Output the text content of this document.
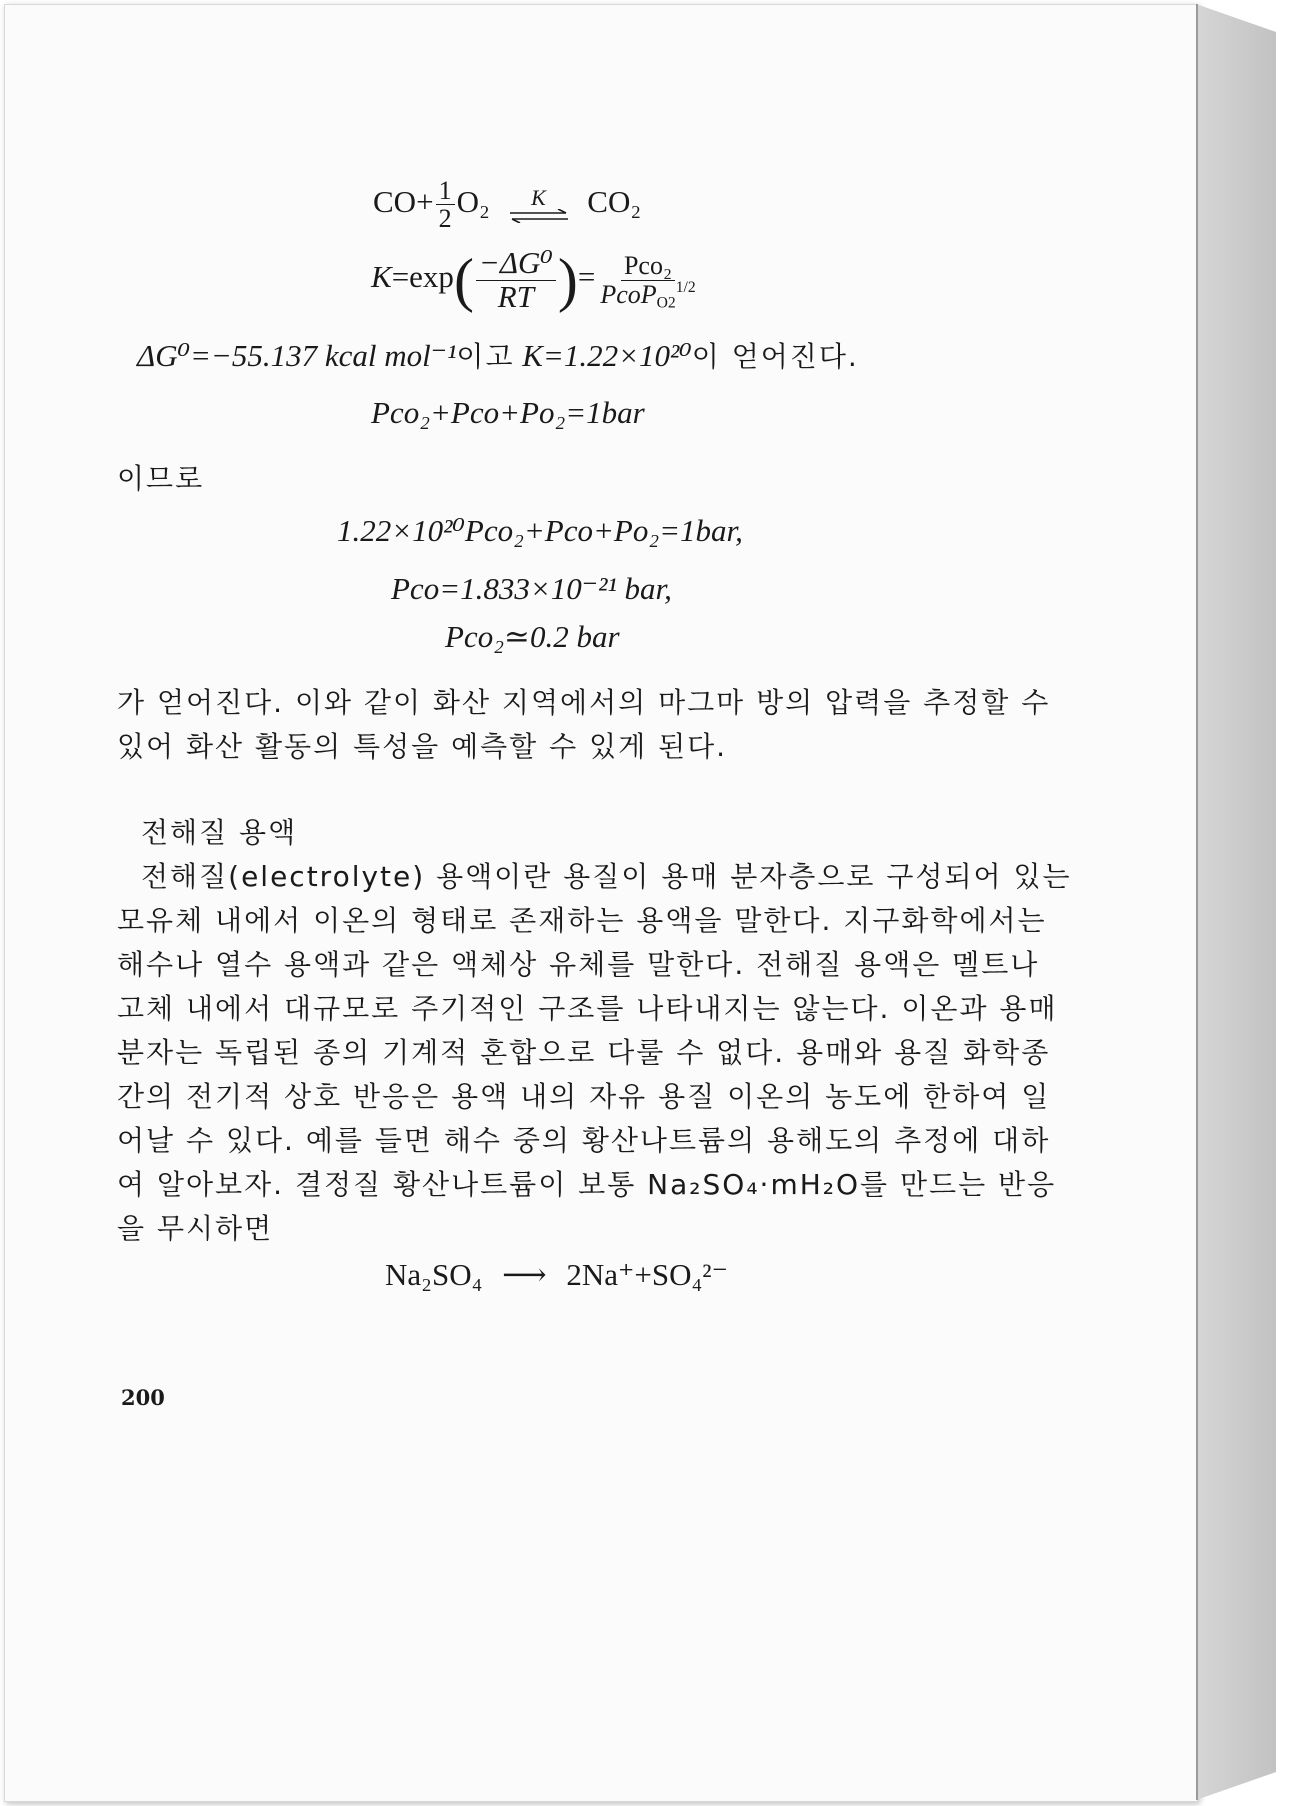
$CO+ \frac{1}{2} O_2$ K CO₂
$K=\exp( \frac{\text{−ΔG⁰}}{RT}$ )= $\frac{\text{Pco₂}}{PcoP_{O2}^{1/2}}$
ΔG⁰=−55.137 kcal mol⁻¹이고 K=1.22×10²⁰이 얻어진다.
Pco₂+Pco+Po₂=1bar
이므로
1.22×10²⁰Pco₂+Pco+Po₂=1bar,
Pco=1.833×10⁻²¹ bar,
Pco₂≃0.2 bar
가 얻어진다. 이와 같이 화산 지역에서의 마그마 방의 압력을 추정할 수
있어 화산 활동의 특성을 예측할 수 있게 된다.
전해질 용액
전해질(electrolyte) 용액이란 용질이 용매 분자층으로 구성되어 있는
모유체 내에서 이온의 형태로 존재하는 용액을 말한다. 지구화학에서는
해수나 열수 용액과 같은 액체상 유체를 말한다. 전해질 용액은 멜트나
고체 내에서 대규모로 주기적인 구조를 나타내지는 않는다. 이온과 용매
분자는 독립된 종의 기계적 혼합으로 다룰 수 없다. 용매와 용질 화학종
간의 전기적 상호 반응은 용액 내의 자유 용질 이온의 농도에 한하여 일
어날 수 있다. 예를 들면 해수 중의 황산나트륨의 용해도의 추정에 대하
여 알아보자. 결정질 황산나트륨이 보통 Na₂SO₄·mH₂O를 만드는 반응
을 무시하면
Na₂SO₄ ⟶ 2Na⁺+SO₄²⁻
200
